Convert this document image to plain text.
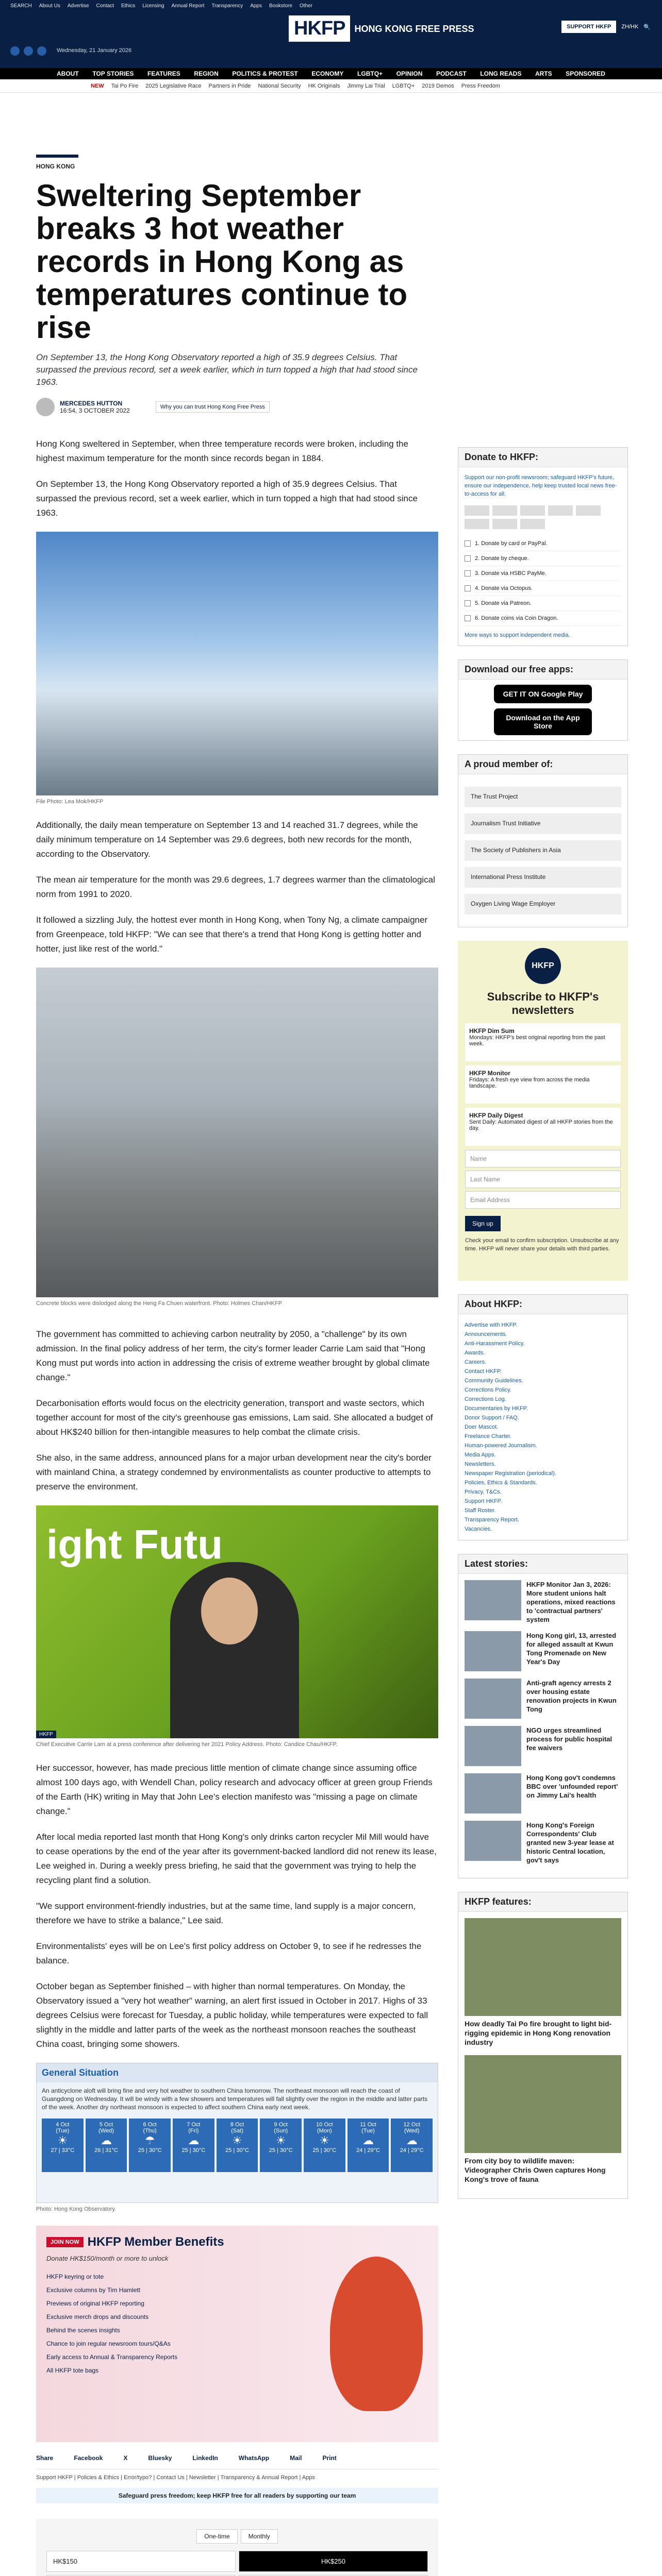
SEARCH About Us Advertise Contact Ethics Licensing Annual Report Transparency Apps Bookstore Other
HKFP	HONG KONG FREE PRESS
Wednesday, 21 January 2026
SUPPORT HKFP	ZH/HK 🔍
ABOUT TOP STORIES FEATURES REGION POLITICS & PROTEST ECONOMY LGBTQ+ OPINION PODCAST LONG READS ARTS SPONSORED
NEW Tai Po Fire 2025 Legislative Race Partners in Pride National Security HK Originals Jimmy Lai Trial LGBTQ+ 2019 Demos Press Freedom
HONG KONG
Sweltering September breaks 3 hot weather records in Hong Kong as temperatures continue to rise

On September 13, the Hong Kong Observatory reported a high of 35.9 degrees Celsius. That surpassed the previous record, set a week earlier, which in turn topped a high that had stood since 1963.

MERCEDES HUTTON
16:54, 3 OCTOBER 2022	Why you can trust Hong Kong Free Press

Hong Kong sweltered in September, when three temperature records were broken, including the highest maximum temperature for the month since records began in 1884.

On September 13, the Hong Kong Observatory reported a high of 35.9 degrees Celsius. That surpassed the previous record, set a week earlier, which in turn topped a high that had stood since 1963.

File Photo: Lea Mok/HKFP

Additionally, the daily mean temperature on September 13 and 14 reached 31.7 degrees, while the daily minimum temperature on 14 September was 29.6 degrees, both new records for the month, according to the Observatory.

The mean air temperature for the month was 29.6 degrees, 1.7 degrees warmer than the climatological norm from 1991 to 2020.

It followed a sizzling July, the hottest ever month in Hong Kong, when Tony Ng, a climate campaigner from Greenpeace, told HKFP: "We can see that there's a trend that Hong Kong is getting hotter and hotter, just like rest of the world."

Concrete blocks were dislodged along the Heng Fa Chuen waterfront. Photo: Holmes Chan/HKFP

The government has committed to achieving carbon neutrality by 2050, a "challenge" by its own admission. In the final policy address of her term, the city's former leader Carrie Lam said that "Hong Kong must put words into action in addressing the crisis of extreme weather brought by global climate change."

Decarbonisation efforts would focus on the electricity generation, transport and waste sectors, which together account for most of the city's greenhouse gas emissions, Lam said. She allocated a budget of about HK$240 billion for then-intangible measures to help combat the climate crisis.

She also, in the same address, announced plans for a major urban development near the city's border with mainland China, a strategy condemned by environmentalists as counter productive to attempts to preserve the environment.

ight Futu
HKFP
Chief Executive Carrie Lam at a press conference after delivering her 2021 Policy Address. Photo: Candice Chau/HKFP.

Her successor, however, has made precious little mention of climate change since assuming office almost 100 days ago, with Wendell Chan, policy research and advocacy officer at green group Friends of the Earth (HK) writing in May that John Lee's election manifesto was "missing a page on climate change."

After local media reported last month that Hong Kong's only drinks carton recycler Mil Mill would have to cease operations by the end of the year after its government-backed landlord did not renew its lease, Lee weighed in. During a weekly press briefing, he said that the government was trying to help the recycling plant find a solution.

"We support environment-friendly industries, but at the same time, land supply is a major concern, therefore we have to strike a balance," Lee said.

Environmentalists' eyes will be on Lee's first policy address on October 9, to see if he redresses the balance.

October began as September finished – with higher than normal temperatures. On Monday, the Observatory issued a "very hot weather" warning, an alert first issued in October in 2017. Highs of 33 degrees Celsius were forecast for Tuesday, a public holiday, while temperatures were expected to fall slightly in the middle and latter parts of the week as the northeast monsoon reaches the southeast China coast, bringing some showers.

General Situation
An anticyclone aloft will bring fine and very hot weather to southern China tomorrow. The northeast monsoon will reach the coast of Guangdong on Wednesday. It will be windy with a few showers and temperatures will fall slightly over the region in the middle and latter parts of the week. Another dry northeast monsoon is expected to affect southern China early next week.
4 Oct
(Tue)
☀
27 | 33°C
5 Oct
(Wed)
☁
26 | 31°C
6 Oct
(Thu)
☂
25 | 30°C
7 Oct
(Fri)
☁
25 | 30°C
8 Oct
(Sat)
☀
25 | 30°C
9 Oct
(Sun)
☀
25 | 30°C
10 Oct
(Mon)
☀
25 | 30°C
11 Oct
(Tue)
☁
24 | 29°C
12 Oct
(Wed)
☁
24 | 29°C
Photo: Hong Kong Observatory.
JOIN NOW HKFP Member Benefits
Donate HK$150/month or more to unlock
HKFP keyring or tote
Exclusive columns by Tim Hamlett
Previews of original HKFP reporting
Exclusive merch drops and discounts
Behind the scenes insights
Chance to join regular newsroom tours/Q&As
Early access to Annual & Transparency Reports
All HKFP tote bags
Share	Facebook	X	Bluesky	LinkedIn	WhatsApp	Mail	Print
Support HKFP | Policies & Ethics | Error/typo? | Contact Us | Newsletter | Transparency & Annual Report | Apps
Safeguard press freedom; keep HKFP free for all readers by supporting our team
One-time	Monthly
HK$150	HK$250
Donate to HKFP:
Support our non-profit newsroom; safeguard HKFP's future, ensure our independence, help keep trusted local news free-to-access for all.
1. Donate by card or PayPal.
2. Donate by cheque.
3. Donate via HSBC PayMe.
4. Donate via Octopus.
5. Donate via Patreon.
6. Donate coins via Coin Dragon.
More ways to support independent media.
Download our free apps:
GET IT ON Google Play
Download on the App Store
A proud member of:
The Trust Project
Journalism Trust Initiative
The Society of Publishers in Asia
International Press Institute
Oxygen Living Wage Employer
HKFP
Subscribe to HKFP's newsletters
HKFP Dim Sum
Mondays: HKFP's best original reporting from the past week.
HKFP Monitor
Fridays: A fresh eye view from across the media landscape.
HKFP Daily Digest
Sent Daily: Automated digest of all HKFP stories from the day.
Name
Last Name
Email Address
Sign up
Check your email to confirm subscription. Unsubscribe at any time. HKFP will never share your details with third parties.
About HKFP:
Advertise with HKFP.
Announcements.
Anti-Harassment Policy.
Awards.
Careers.
Contact HKFP.
Community Guidelines.
Corrections Policy.
Corrections Log.
Documentaries by HKFP.
Donor Support / FAQ.
Doer Mascot.
Freelance Charter.
Human-powered Journalism.
Media Apps.
Newsletters.
Newspaper Registration (periodical).
Policies, Ethics & Standards.
Privacy, T&Cs.
Support HKFP.
Staff Roster.
Transparency Report.
Vacancies.
Latest stories:
HKFP Monitor Jan 3, 2026: More student unions halt operations, mixed reactions to 'contractual partners' system
Hong Kong girl, 13, arrested for alleged assault at Kwun Tong Promenade on New Year's Day
Anti-graft agency arrests 2 over housing estate renovation projects in Kwun Tong
NGO urges streamlined process for public hospital fee waivers
Hong Kong gov't condemns BBC over 'unfounded report' on Jimmy Lai's health
Hong Kong's Foreign Correspondents' Club granted new 3-year lease at historic Central location, gov't says
HKFP features:
How deadly Tai Po fire brought to light bid-rigging epidemic in Hong Kong renovation industry
From city boy to wildlife maven: Videographer Chris Owen captures Hong Kong's trove of fauna
